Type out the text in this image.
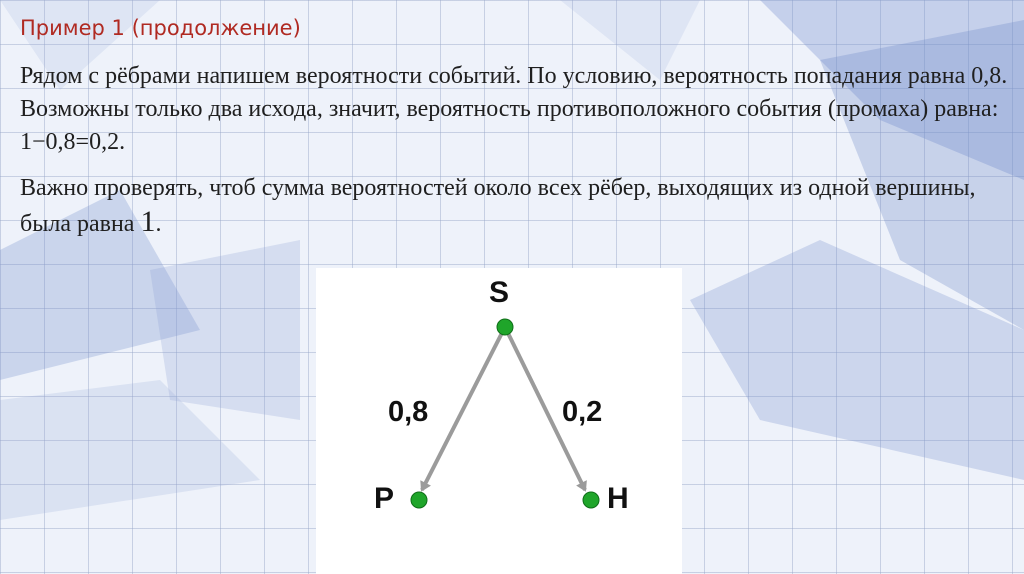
Пример 1 (продолжение)

Рядом с рёбрами напишем вероятности событий. По условию, вероятность попадания равна 0,8. Возможны только два исхода, значит, вероятность противоположного события (промаха) равна: 1−0,8=0,2.

Важно проверять, чтоб сумма вероятностей около всех рёбер, выходящих из одной вершины, была равна 1.

S
P	H
0,8	0,2
